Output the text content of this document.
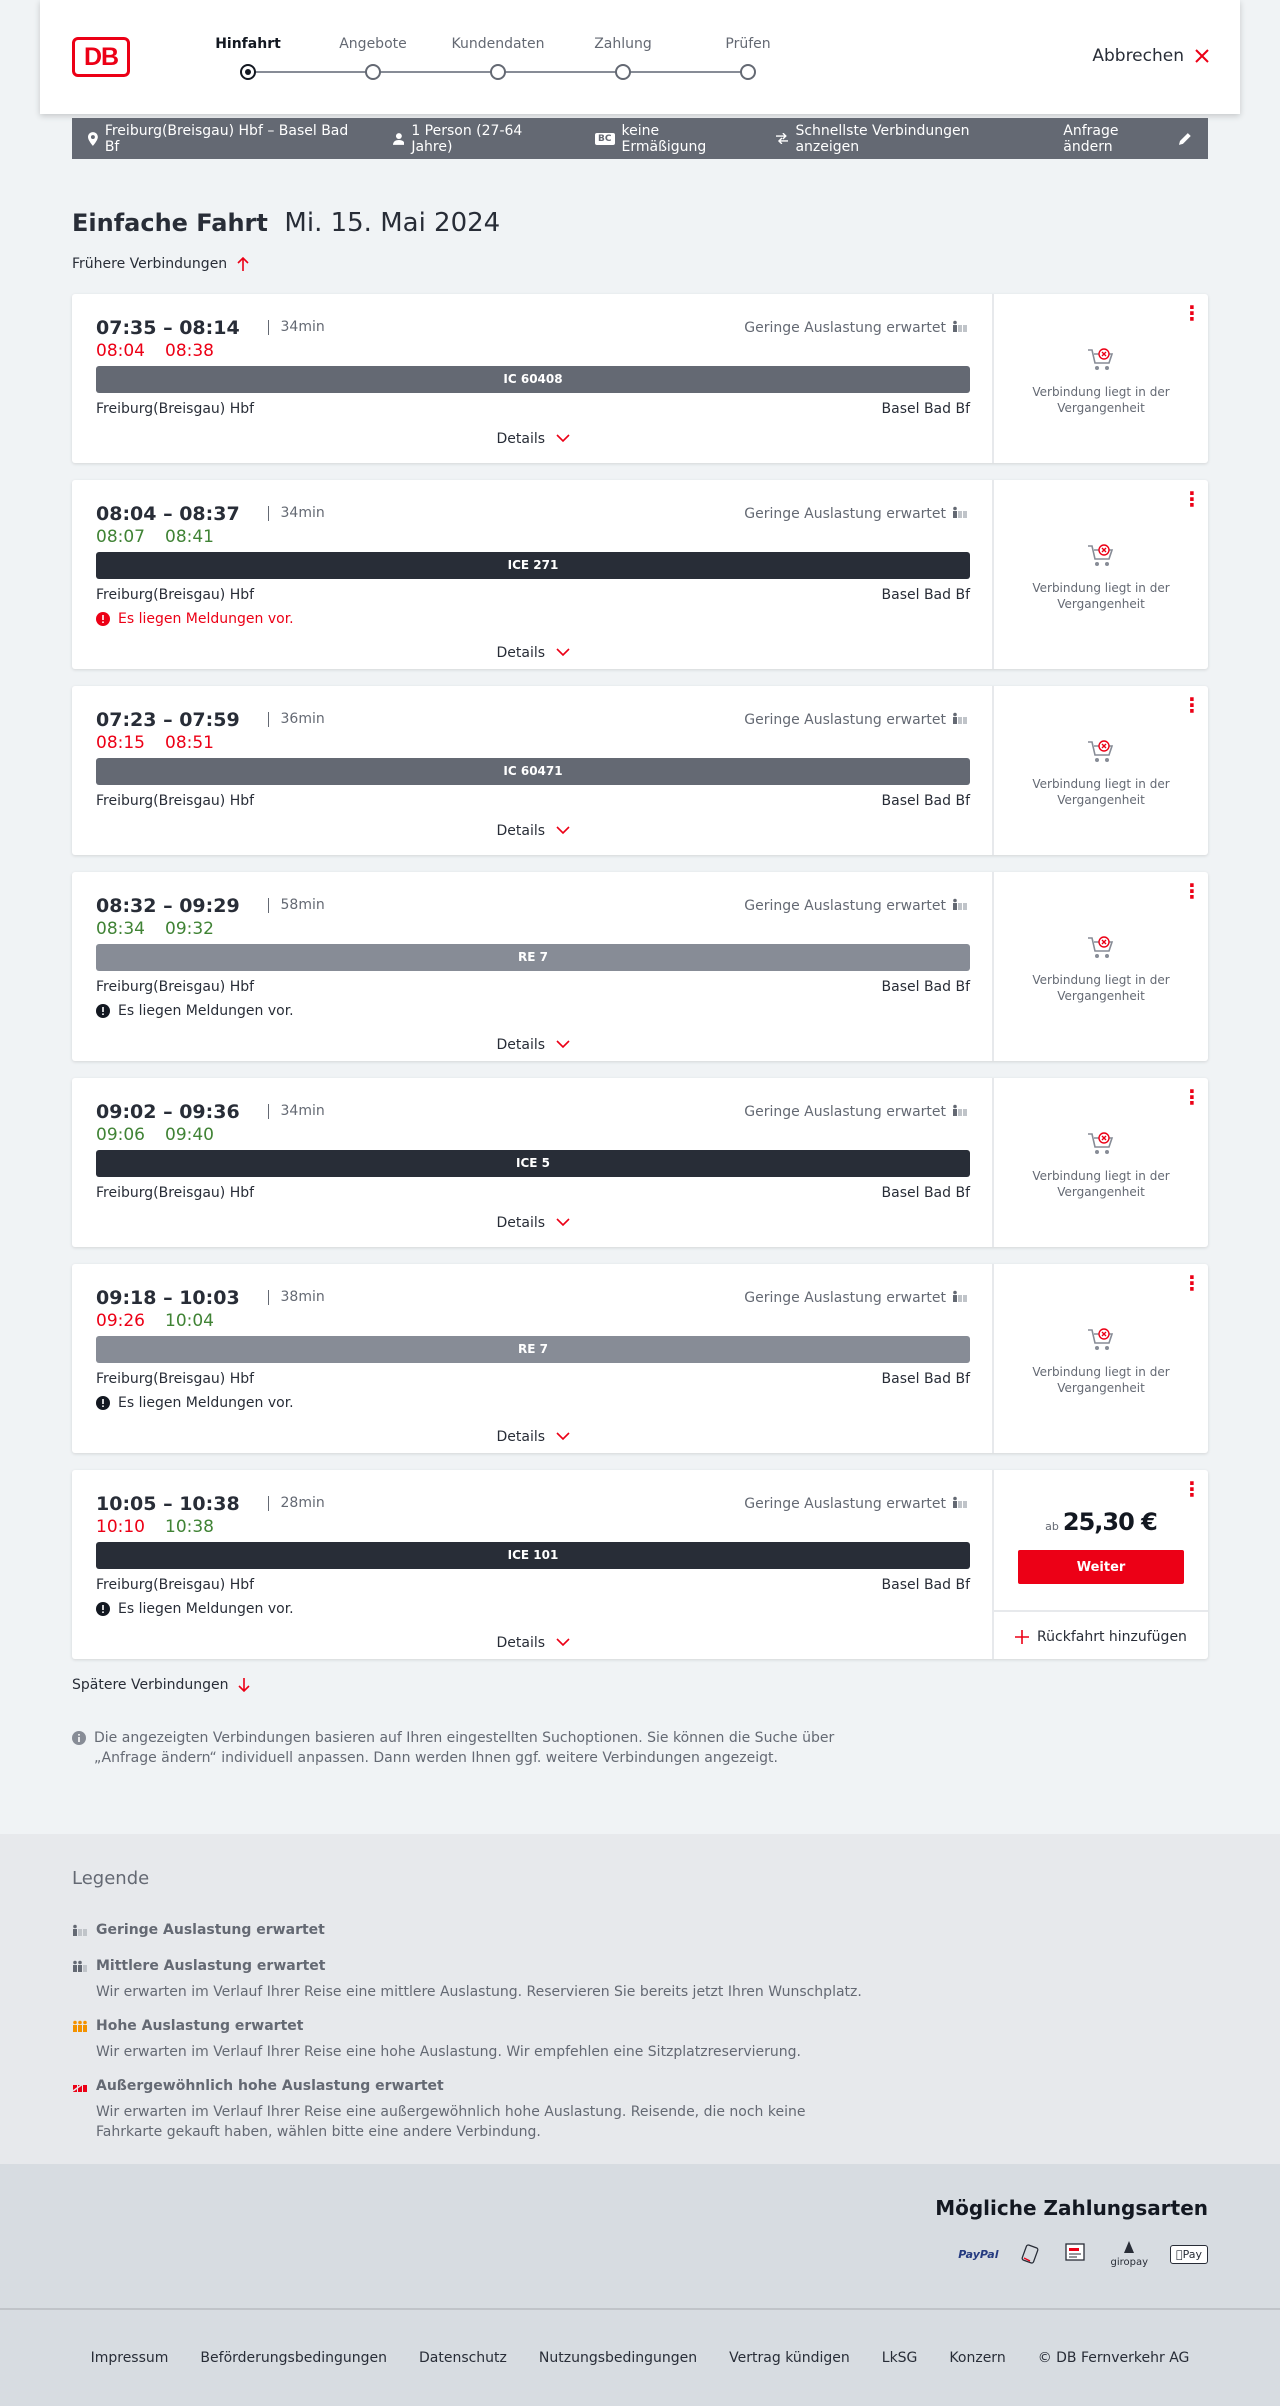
DB	Hinfahrt	Angebote	Kundendaten	Zahlung	Prüfen
Abbrechen
Freiburg(Breisgau) Hbf – Basel Bad Bf
1 Person (27-64 Jahre)	BC keine Ermäßigung
Schnellste Verbindungen anzeigen
Anfrage ändern
Einfache Fahrt Mi. 15. Mai 2024
Frühere Verbindungen
07:35 – 08:14	34min	Geringe Auslastung erwartet
08:04 08:38
IC 60408
Freiburg(Breisgau) Hbf	Basel Bad Bf
Details
⋮
Verbindung liegt in der Vergangenheit
08:04 – 08:37	34min	Geringe Auslastung erwartet
08:07 08:41
ICE 271
Freiburg(Breisgau) Hbf	Basel Bad Bf
Es liegen Meldungen vor.
Details
⋮
Verbindung liegt in der Vergangenheit
07:23 – 07:59	36min	Geringe Auslastung erwartet
08:15 08:51
IC 60471
Freiburg(Breisgau) Hbf	Basel Bad Bf
Details
⋮
Verbindung liegt in der Vergangenheit
08:32 – 09:29	58min	Geringe Auslastung erwartet
08:34 09:32
RE 7
Freiburg(Breisgau) Hbf	Basel Bad Bf
Es liegen Meldungen vor.
Details
⋮
Verbindung liegt in der Vergangenheit
09:02 – 09:36	34min	Geringe Auslastung erwartet
09:06 09:40
ICE 5
Freiburg(Breisgau) Hbf	Basel Bad Bf
Details
⋮
Verbindung liegt in der Vergangenheit
09:18 – 10:03	38min	Geringe Auslastung erwartet
09:26 10:04
RE 7
Freiburg(Breisgau) Hbf	Basel Bad Bf
Es liegen Meldungen vor.
Details
⋮
Verbindung liegt in der Vergangenheit
10:05 – 10:38	28min	Geringe Auslastung erwartet
10:10 10:38
ICE 101
Freiburg(Breisgau) Hbf	Basel Bad Bf
Es liegen Meldungen vor.
Details
⋮
ab 25,30 €
Weiter
Rückfahrt hinzufügen
Spätere Verbindungen
Die angezeigten Verbindungen basieren auf Ihren eingestellten Suchoptionen. Sie können die Suche über „Anfrage ändern“ individuell anpassen. Dann werden Ihnen ggf. weitere Verbindungen angezeigt.
Legende
Geringe Auslastung erwartet
Mittlere Auslastung erwartet
Wir erwarten im Verlauf Ihrer Reise eine mittlere Auslastung. Reservieren Sie bereits jetzt Ihren Wunschplatz.
Hohe Auslastung erwartet
Wir erwarten im Verlauf Ihrer Reise eine hohe Auslastung. Wir empfehlen eine Sitzplatzreservierung.
Außergewöhnlich hohe Auslastung erwartet
Wir erwarten im Verlauf Ihrer Reise eine außergewöhnlich hohe Auslastung. Reisende, die noch keine Fahrkarte gekauft haben, wählen bitte eine andere Verbindung.
Mögliche Zahlungsarten
PayPal

giropay
Pay
Impressum Beförderungsbedingungen Datenschutz Nutzungsbedingungen Vertrag kündigen LkSG Konzern © DB Fernverkehr AG
